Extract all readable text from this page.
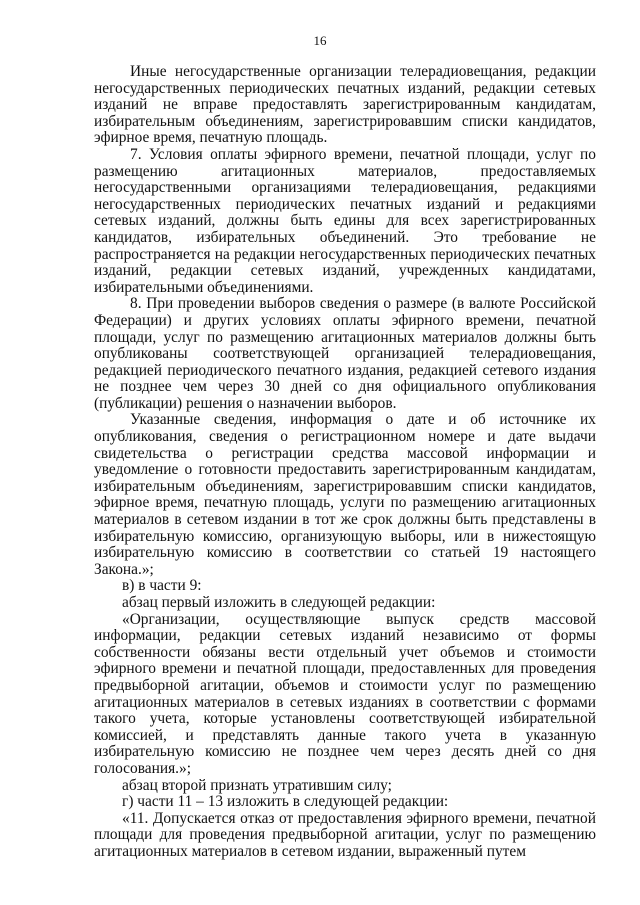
16

Иные негосударственные организации телерадиовещания, редакции негосударственных периодических печатных изданий, редакции сетевых изданий не вправе предоставлять зарегистрированным кандидатам, избирательным объединениям, зарегистрировавшим списки кандидатов, эфирное время, печатную площадь.

7. Условия оплаты эфирного времени, печатной площади, услуг по размещению агитационных материалов, предоставляемых негосударственными организациями телерадиовещания, редакциями негосударственных периодических печатных изданий и редакциями сетевых изданий, должны быть едины для всех зарегистрированных кандидатов, избирательных объединений. Это требование не распространяется на редакции негосударственных периодических печатных изданий, редакции сетевых изданий, учрежденных кандидатами, избирательными объединениями.

8. При проведении выборов сведения о размере (в валюте Российской Федерации) и других условиях оплаты эфирного времени, печатной площади, услуг по размещению агитационных материалов должны быть опубликованы соответствующей организацией телерадиовещания, редакцией периодического печатного издания, редакцией сетевого издания не позднее чем через 30 дней со дня официального опубликования (публикации) решения о назначении выборов.

Указанные сведения, информация о дате и об источнике их опубликования, сведения о регистрационном номере и дате выдачи свидетельства о регистрации средства массовой информации и уведомление о готовности предоставить зарегистрированным кандидатам, избирательным объединениям, зарегистрировавшим списки кандидатов, эфирное время, печатную площадь, услуги по размещению агитационных материалов в сетевом издании в тот же срок должны быть представлены в избирательную комиссию, организующую выборы, или в нижестоящую избирательную комиссию в соответствии со статьей 19 настоящего Закона.»;

в) в части 9:

абзац первый изложить в следующей редакции:

«Организации, осуществляющие выпуск средств массовой информации, редакции сетевых изданий независимо от формы собственности обязаны вести отдельный учет объемов и стоимости эфирного времени и печатной площади, предоставленных для проведения предвыборной агитации, объемов и стоимости услуг по размещению агитационных материалов в сетевых изданиях в соответствии с формами такого учета, которые установлены соответствующей избирательной комиссией, и представлять данные такого учета в указанную избирательную комиссию не позднее чем через десять дней со дня голосования.»;

абзац второй признать утратившим силу;

г) части 11 – 13 изложить в следующей редакции:

«11. Допускается отказ от предоставления эфирного времени, печатной площади для проведения предвыборной агитации, услуг по размещению агитационных материалов в сетевом издании, выраженный путем
